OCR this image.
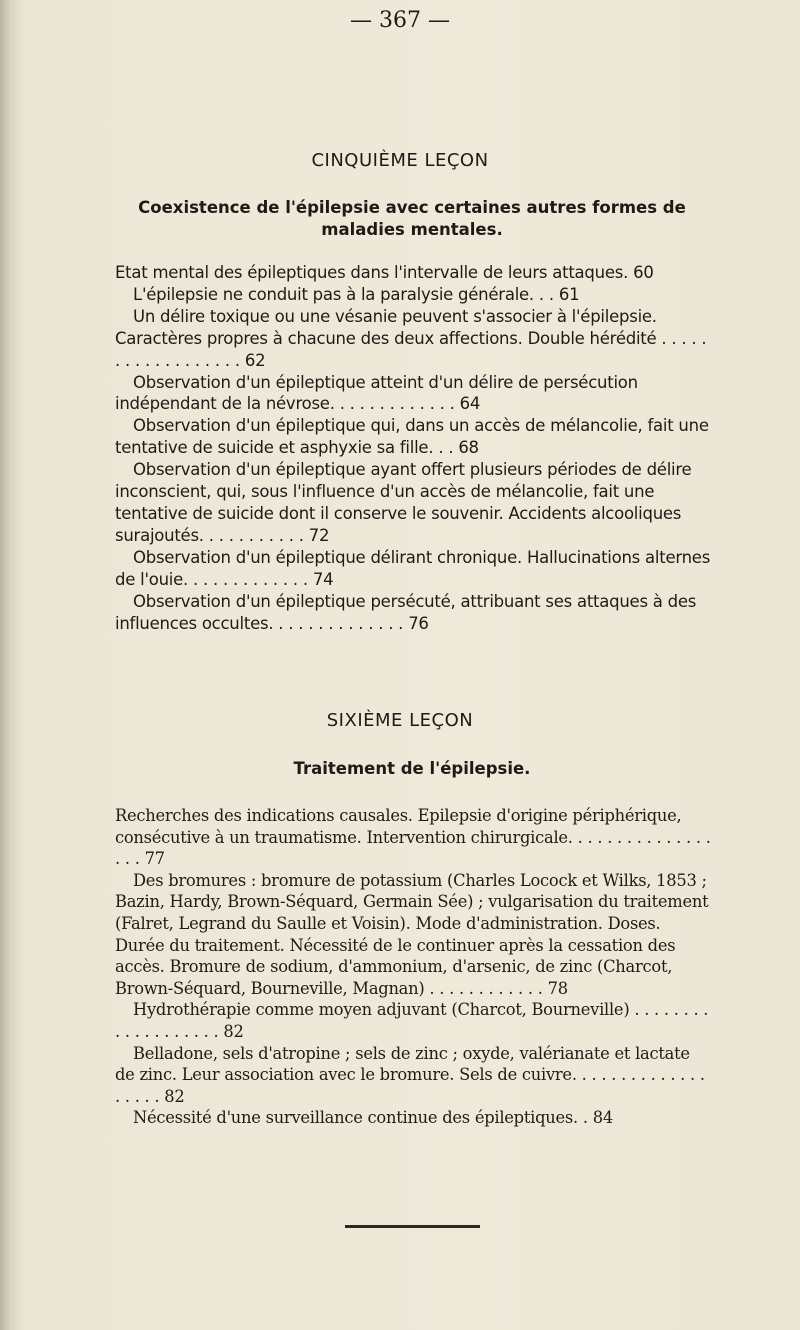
— 367 —
CINQUIÈME LEÇON
Coexistence de l'épilepsie avec certaines autres formes de maladies mentales.

Etat mental des épileptiques dans l'intervalle de leurs attaques. 60

L'épilepsie ne conduit pas à la paralysie générale. . . 61

Un délire toxique ou une vésanie peuvent s'associer à l'épilepsie. Caractères propres à chacune des deux affections. Double hérédité . . . . . . . . . . . . . . . . . . 62

Observation d'un épileptique atteint d'un délire de persécution indépendant de la névrose. . . . . . . . . . . . . 64

Observation d'un épileptique qui, dans un accès de mélancolie, fait une tentative de suicide et asphyxie sa fille. . . 68

Observation d'un épileptique ayant offert plusieurs périodes de délire inconscient, qui, sous l'influence d'un accès de mélancolie, fait une tentative de suicide dont il conserve le souvenir. Accidents alcooliques surajoutés. . . . . . . . . . . 72

Observation d'un épileptique délirant chronique. Hallucinations alternes de l'ouie. . . . . . . . . . . . . 74

Observation d'un épileptique persécuté, attribuant ses attaques à des influences occultes. . . . . . . . . . . . . . 76

SIXIÈME LEÇON
Traitement de l'épilepsie.

Recherches des indications causales. Epilepsie d'origine périphérique, consécutive à un traumatisme. Intervention chirurgicale. . . . . . . . . . . . . . . . . . 77

Des bromures : bromure de potassium (Charles Locock et Wilks, 1853 ; Bazin, Hardy, Brown-Séquard, Germain Sée) ; vulgarisation du traitement (Falret, Legrand du Saulle et Voisin). Mode d'administration. Doses. Durée du traitement. Nécessité de le continuer après la cessation des accès. Bromure de sodium, d'ammonium, d'arsenic, de zinc (Charcot, Brown-Séquard, Bourneville, Magnan) . . . . . . . . . . . . 78

Hydrothérapie comme moyen adjuvant (Charcot, Bourneville) . . . . . . . . . . . . . . . . . . . 82

Belladone, sels d'atropine ; sels de zinc ; oxyde, valérianate et lactate de zinc. Leur association avec le bromure. Sels de cuivre. . . . . . . . . . . . . . . . . . . 82

Nécessité d'une surveillance continue des épileptiques. . 84
